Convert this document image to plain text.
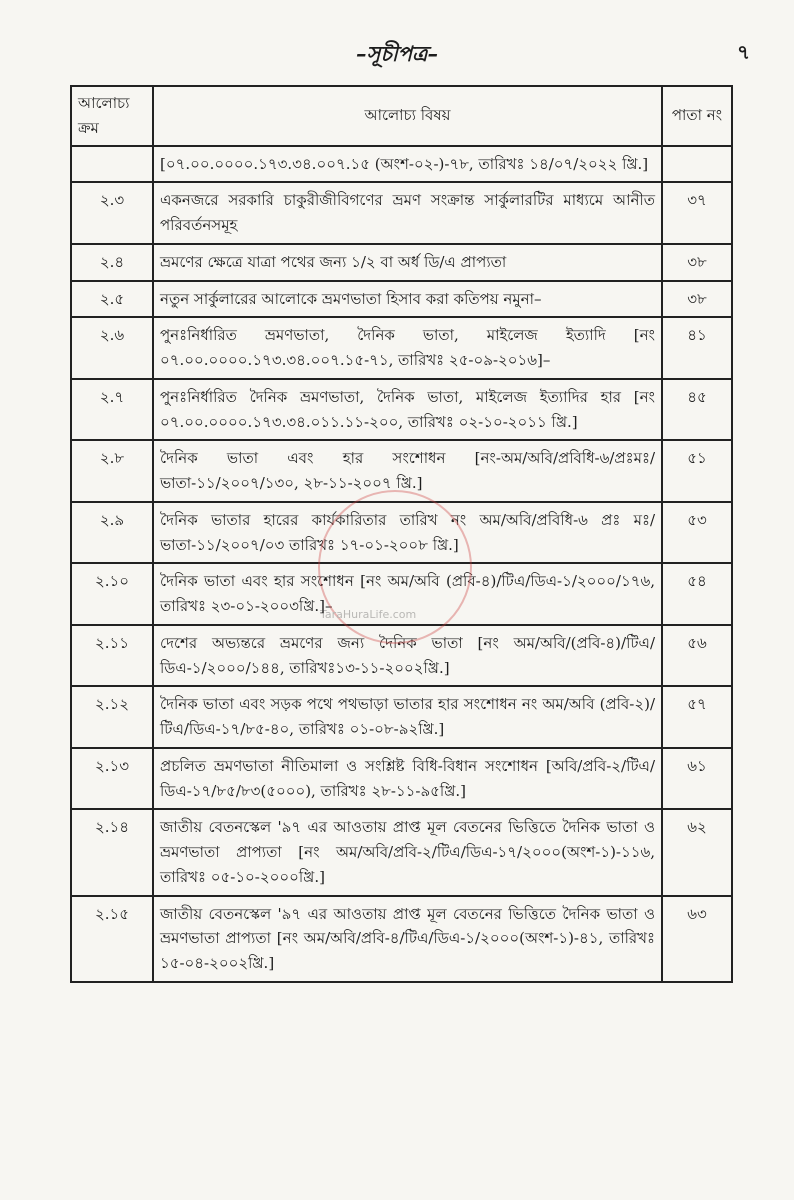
–সূচীপত্র–	৭
আলোচ্য ক্রম	আলোচ্য বিষয়	পাতা নং
	[০৭.০০.০০০০.১৭৩.৩৪.০০৭.১৫ (অংশ-০২-)-৭৮, তারিখঃ ১৪/০৭/২০২২ খ্রি.]	
২.৩	একনজরে সরকারি চাকুরীজীবিগণের ভ্রমণ সংক্রান্ত সার্কুলারটির মাধ্যমে আনীত পরিবর্তনসমূহ	৩৭
২.৪	ভ্রমণের ক্ষেত্রে যাত্রা পথের জন্য ১/২ বা অর্ধ ডি/এ প্রাপ্যতা	৩৮
২.৫	নতুন সার্কুলারের আলোকে ভ্রমণভাতা হিসাব করা কতিপয় নমুনা–	৩৮
২.৬	পুনঃনির্ধারিত ভ্রমণভাতা, দৈনিক ভাতা, মাইলেজ ইত্যাদি [নং ০৭.০০.০০০০.১৭৩.৩৪.০০৭.১৫-৭১, তারিখঃ ২৫-০৯-২০১৬]–	৪১
২.৭	পুনঃনির্ধারিত দৈনিক ভ্রমণভাতা, দৈনিক ভাতা, মাইলেজ ইত্যাদির হার [নং ০৭.০০.০০০০.১৭৩.৩৪.০১১.১১-২০০, তারিখঃ ০২-১০-২০১১ খ্রি.]	৪৫
২.৮	দৈনিক ভাতা এবং হার সংশোধন [নং-অম/অবি/প্রবিধি-৬/প্রঃমঃ/ভাতা-১১/২০০৭/১৩০, ২৮-১১-২০০৭ খ্রি.]	৫১
২.৯	দৈনিক ভাতার হারের কার্যকারিতার তারিখ নং অম/অবি/প্রবিধি-৬ প্রঃ মঃ/ভাতা-১১/২০০৭/০৩ তারিখঃ ১৭-০১-২০০৮ খ্রি.]	৫৩
২.১০	দৈনিক ভাতা এবং হার সংশোধন [নং অম/অবি (প্রবি-৪)/টিএ/ডিএ-১/২০০০/১৭৬, তারিখঃ ২৩-০১-২০০৩খ্রি.]–	৫৪
২.১১	দেশের অভ্যন্তরে ভ্রমণের জন্য দৈনিক ভাতা [নং অম/অবি/(প্রবি-৪)/টিএ/ডিএ-১/২০০০/১৪৪, তারিখঃ১৩-১১-২০০২খ্রি.]	৫৬
২.১২	দৈনিক ভাতা এবং সড়ক পথে পথভাড়া ভাতার হার সংশোধন নং অম/অবি (প্রবি-২)/টিএ/ডিএ-১৭/৮৫-৪০, তারিখঃ ০১-০৮-৯২খ্রি.]	৫৭
২.১৩	প্রচলিত ভ্রমণভাতা নীতিমালা ও সংশ্লিষ্ট বিধি-বিধান সংশোধন [অবি/প্রবি-২/টিএ/ডিএ-১৭/৮৫/৮৩(৫০০০), তারিখঃ ২৮-১১-৯৫খ্রি.]	৬১
২.১৪	জাতীয় বেতনস্কেল '৯৭ এর আওতায় প্রাপ্ত মূল বেতনের ভিত্তিতে দৈনিক ভাতা ও ভ্রমণভাতা প্রাপ্যতা [নং অম/অবি/প্রবি-২/টিএ/ডিএ-১৭/২০০০(অংশ-১)-১১৬, তারিখঃ ০৫-১০-২০০০খ্রি.]	৬২
২.১৫	জাতীয় বেতনস্কেল '৯৭ এর আওতায় প্রাপ্ত মূল বেতনের ভিত্তিতে দৈনিক ভাতা ও ভ্রমণভাতা প্রাপ্যতা [নং অম/অবি/প্রবি-৪/টিএ/ডিএ-১/২০০০(অংশ-১)-৪১, তারিখঃ ১৫-০৪-২০০২খ্রি.]	৬৩
TaraHuraLife.com
